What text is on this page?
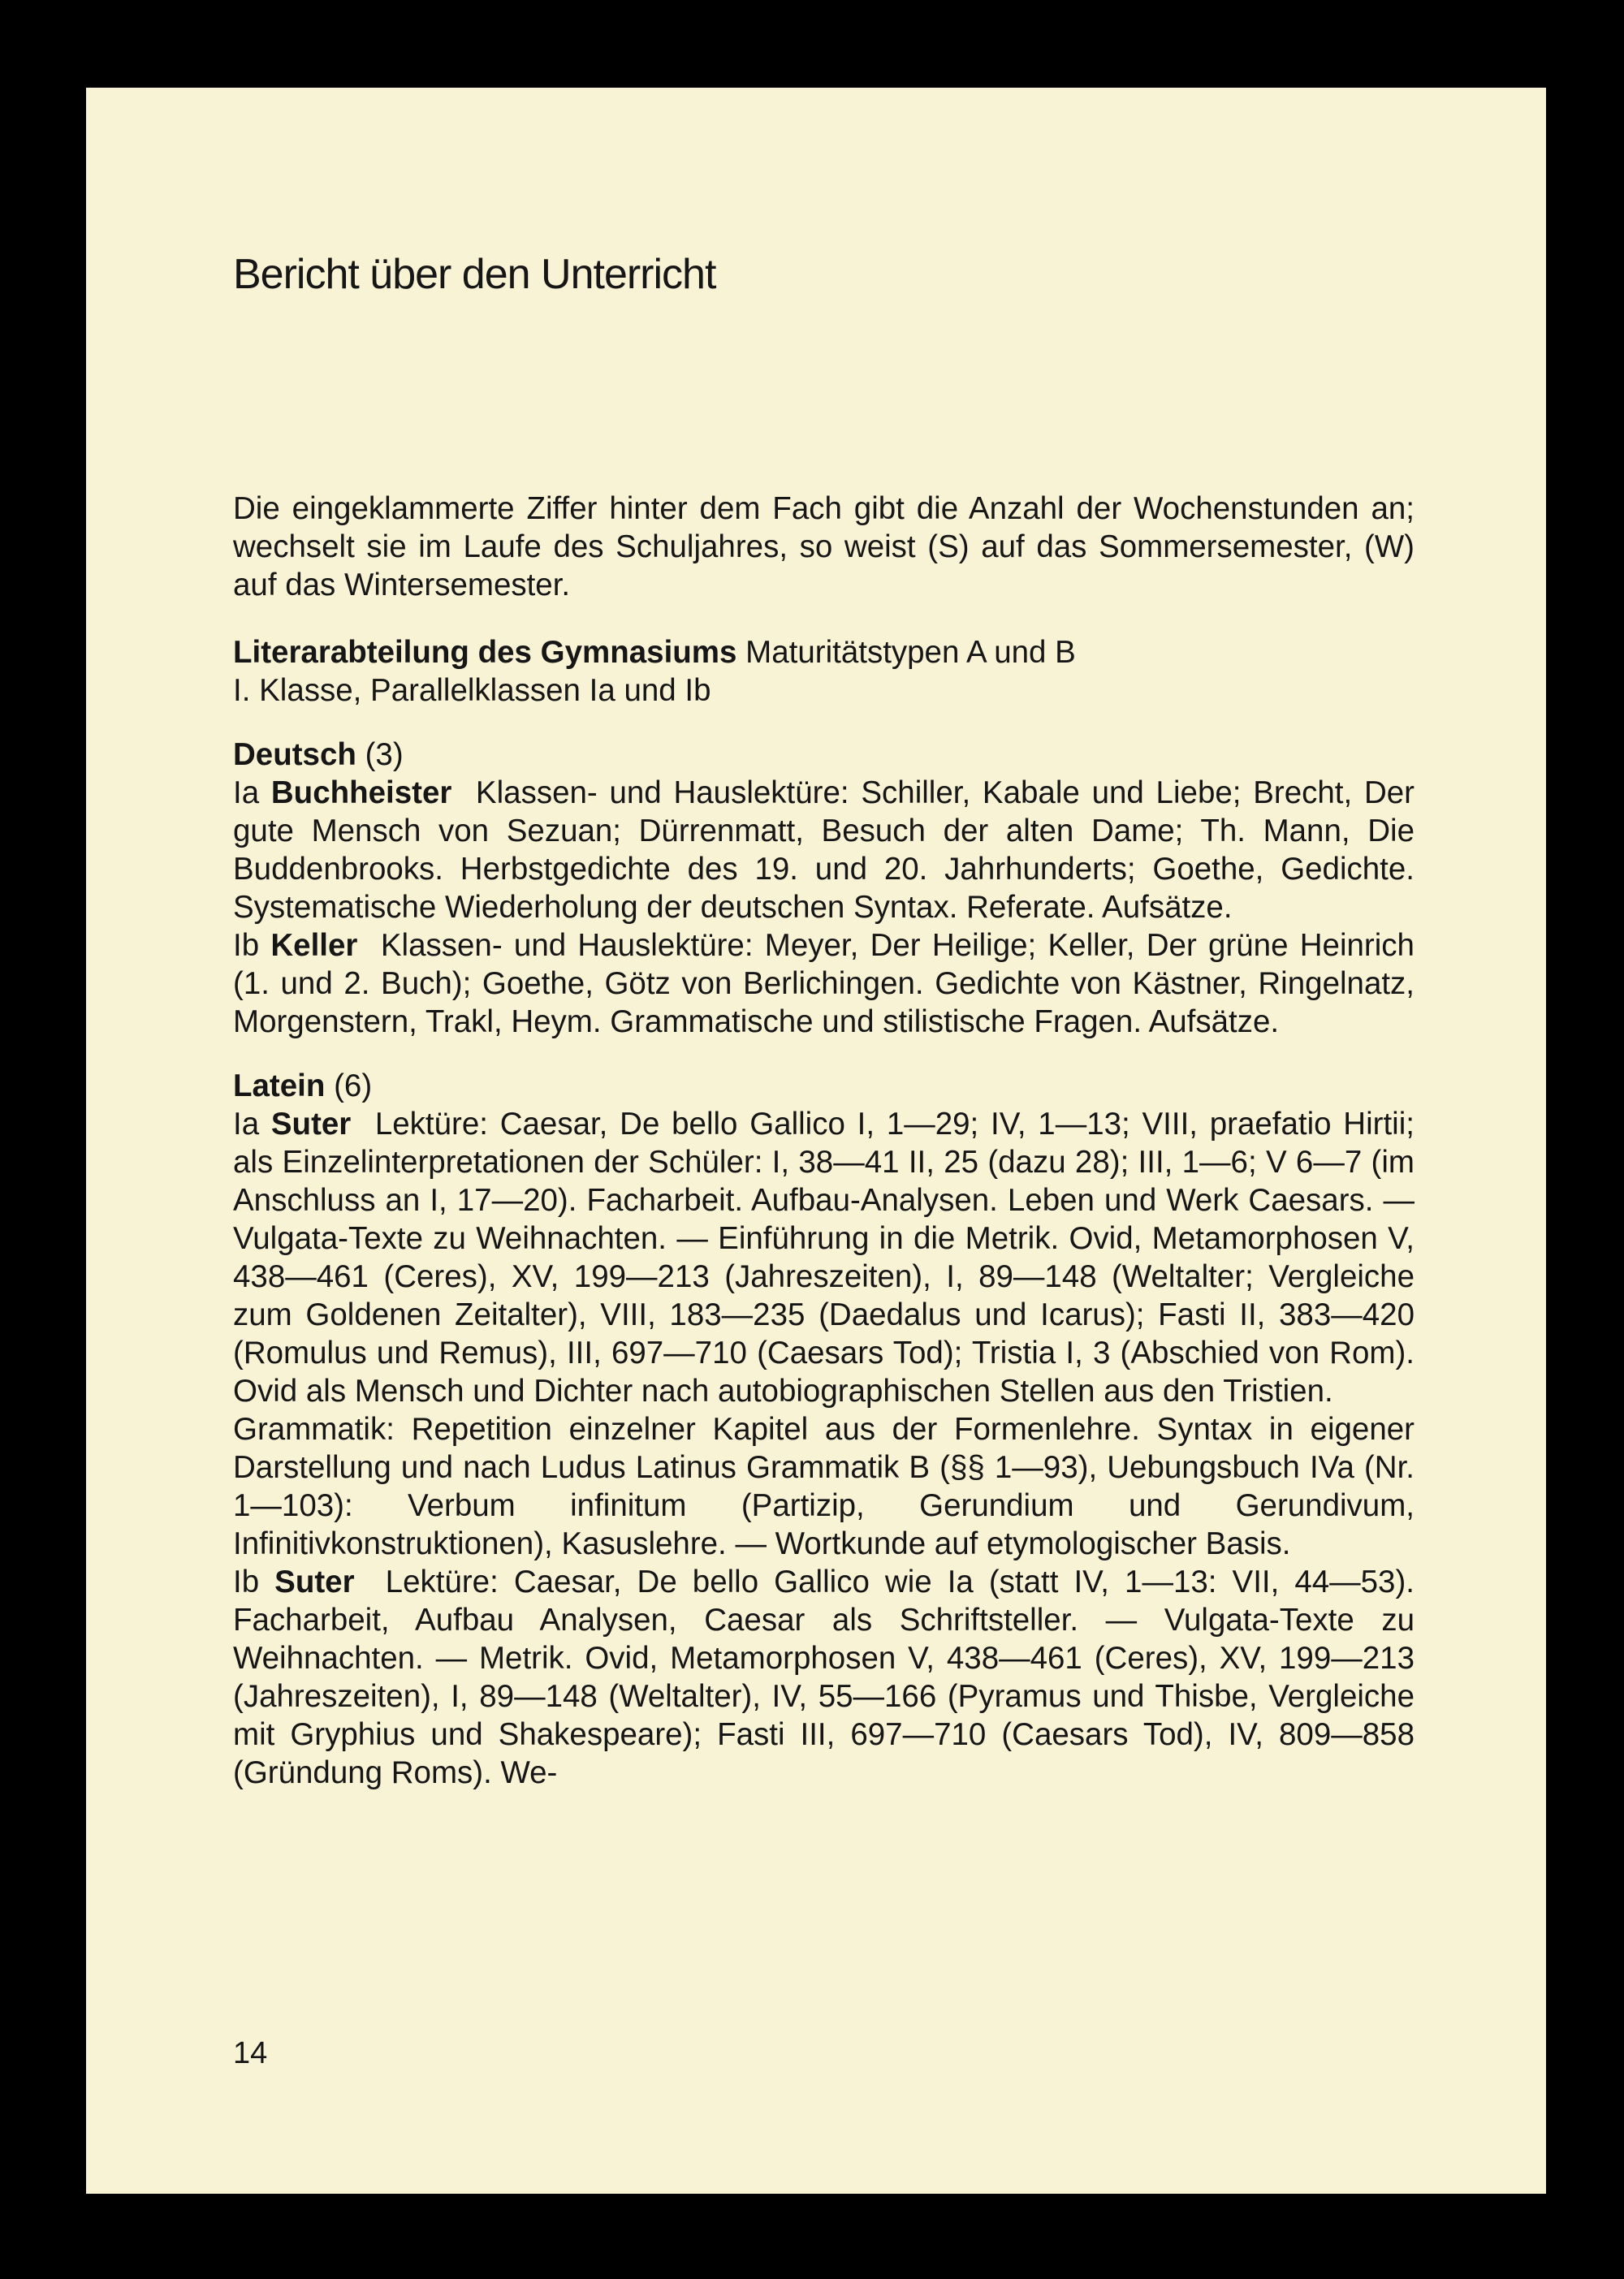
Bericht über den Unterricht

Die eingeklammerte Ziffer hinter dem Fach gibt die Anzahl der Wochenstunden an; wechselt sie im Laufe des Schuljahres, so weist (S) auf das Sommersemester, (W) auf das Wintersemester.

Literarabteilung des Gymnasiums Maturitätstypen A und B

I. Klasse, Parallelklassen Ia und Ib

Deutsch (3)

Ia Buchheister Klassen- und Hauslektüre: Schiller, Kabale und Liebe; Brecht, Der gute Mensch von Sezuan; Dürrenmatt, Besuch der alten Dame; Th. Mann, Die Buddenbrooks. Herbstgedichte des 19. und 20. Jahrhunderts; Goethe, Gedichte. Systematische Wiederholung der deutschen Syntax. Referate. Aufsätze.

Ib Keller Klassen- und Hauslektüre: Meyer, Der Heilige; Keller, Der grüne Heinrich (1. und 2. Buch); Goethe, Götz von Berlichingen. Gedichte von Kästner, Ringelnatz, Morgenstern, Trakl, Heym. Grammatische und stilistische Fragen. Aufsätze.

Latein (6)

Ia Suter Lektüre: Caesar, De bello Gallico I, 1—29; IV, 1—13; VIII, praefatio Hirtii; als Einzelinterpretationen der Schüler: I, 38—41 II, 25 (dazu 28); III, 1—6; V 6—7 (im Anschluss an I, 17—20). Facharbeit. Aufbau-Analysen. Leben und Werk Caesars. — Vulgata-Texte zu Weihnachten. — Einführung in die Metrik. Ovid, Metamorphosen V, 438—461 (Ceres), XV, 199—213 (Jahreszeiten), I, 89—148 (Weltalter; Vergleiche zum Goldenen Zeitalter), VIII, 183—235 (Daedalus und Icarus); Fasti II, 383—420 (Romulus und Remus), III, 697—710 (Caesars Tod); Tristia I, 3 (Abschied von Rom). Ovid als Mensch und Dichter nach autobiographischen Stellen aus den Tristien.

Grammatik: Repetition einzelner Kapitel aus der Formenlehre. Syntax in eigener Darstellung und nach Ludus Latinus Grammatik B (§§ 1—93), Uebungsbuch IVa (Nr. 1—103): Verbum infinitum (Partizip, Gerundium und Gerundivum, Infinitivkonstruktionen), Kasuslehre. — Wortkunde auf etymologischer Basis.

Ib Suter Lektüre: Caesar, De bello Gallico wie Ia (statt IV, 1—13: VII, 44—53). Facharbeit, Aufbau Analysen, Caesar als Schriftsteller. — Vulgata-Texte zu Weihnachten. — Metrik. Ovid, Metamorphosen V, 438—461 (Ceres), XV, 199—213 (Jahreszeiten), I, 89—148 (Weltalter), IV, 55—166 (Pyramus und Thisbe, Vergleiche mit Gryphius und Shakespeare); Fasti III, 697—710 (Caesars Tod), IV, 809—858 (Gründung Roms). We-

14
